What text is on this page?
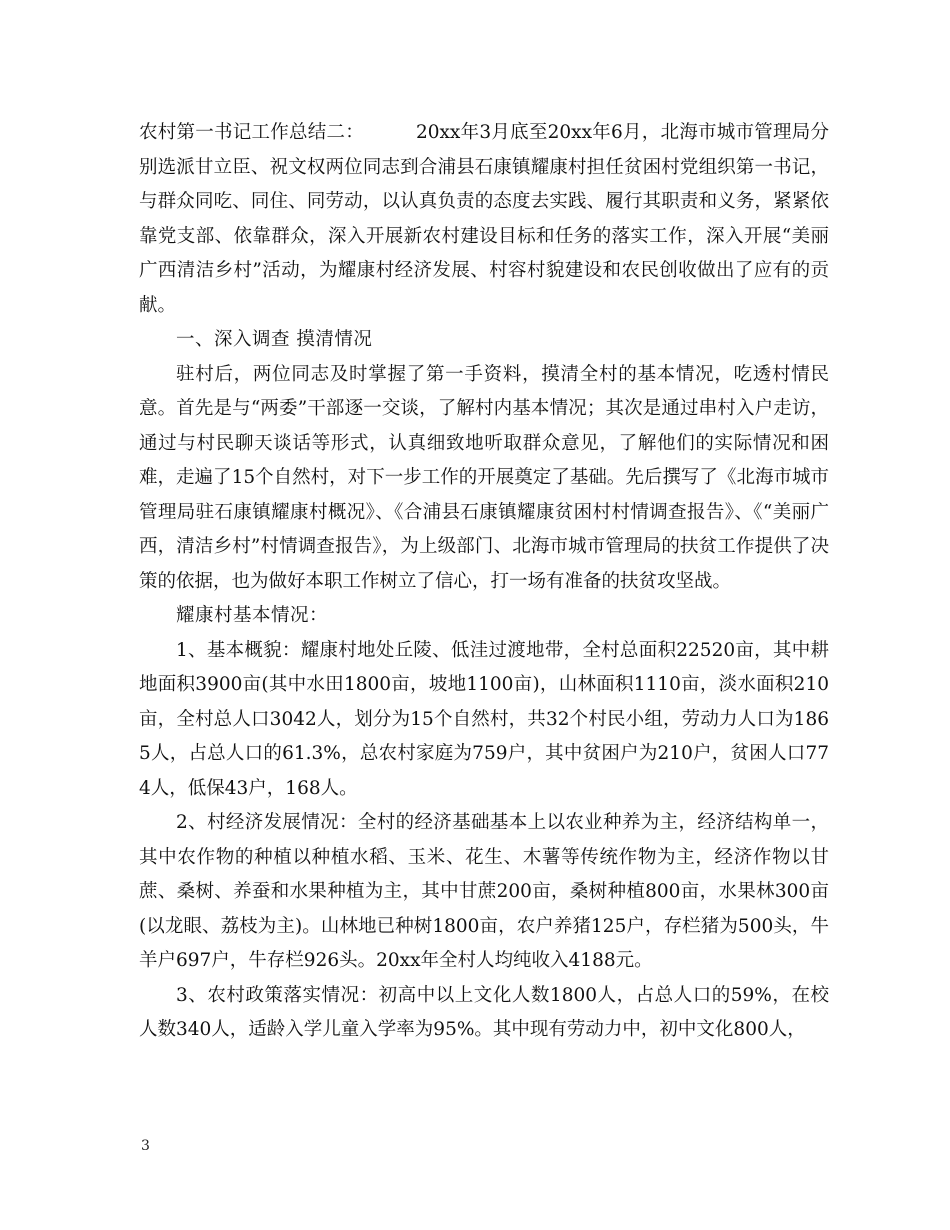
农村第一书记工作总结二：	20xx年3月底至20xx年6月，北海市城市管理局分别选派甘立臣、祝文权两位同志到合浦县石康镇耀康村担任贫困村党组织第一书记，与群众同吃、同住、同劳动，以认真负责的态度去实践、履行其职责和义务，紧紧依靠党支部、依靠群众，深入开展新农村建设目标和任务的落实工作，深入开展“美丽广西清洁乡村”活动，为耀康村经济发展、村容村貌建设和农民创收做出了应有的贡献。

一、深入调查 摸清情况

驻村后，两位同志及时掌握了第一手资料，摸清全村的基本情况，吃透村情民意。首先是与“两委”干部逐一交谈，了解村内基本情况；其次是通过串村入户走访，通过与村民聊天谈话等形式，认真细致地听取群众意见，了解他们的实际情况和困难，走遍了15个自然村，对下一步工作的开展奠定了基础。先后撰写了《北海市城市管理局驻石康镇耀康村概况》、《合浦县石康镇耀康贫困村村情调查报告》、《“美丽广西，清洁乡村”村情调查报告》，为上级部门、北海市城市管理局的扶贫工作提供了决策的依据，也为做好本职工作树立了信心，打一场有准备的扶贫攻坚战。

耀康村基本情况：

1、基本概貌：耀康村地处丘陵、低洼过渡地带，全村总面积22520亩，其中耕地面积3900亩(其中水田1800亩，坡地1100亩)，山林面积1110亩，淡水面积210亩，全村总人口3042人，划分为15个自然村，共32个村民小组，劳动力人口为1865人，占总人口的61.3%，总农村家庭为759户，其中贫困户为210户，贫困人口774人，低保43户，168人。

2、村经济发展情况：全村的经济基础基本上以农业种养为主，经济结构单一，其中农作物的种植以种植水稻、玉米、花生、木薯等传统作物为主，经济作物以甘蔗、桑树、养蚕和水果种植为主，其中甘蔗200亩，桑树种植800亩，水果林300亩(以龙眼、荔枝为主)。山林地已种树1800亩，农户养猪125户，存栏猪为500头，牛羊户697户，牛存栏926头。20xx年全村人均纯收入4188元。

3、农村政策落实情况：初高中以上文化人数1800人，占总人口的59%，在校人数340人，适龄入学儿童入学率为95%。其中现有劳动力中，初中文化800人，

3
